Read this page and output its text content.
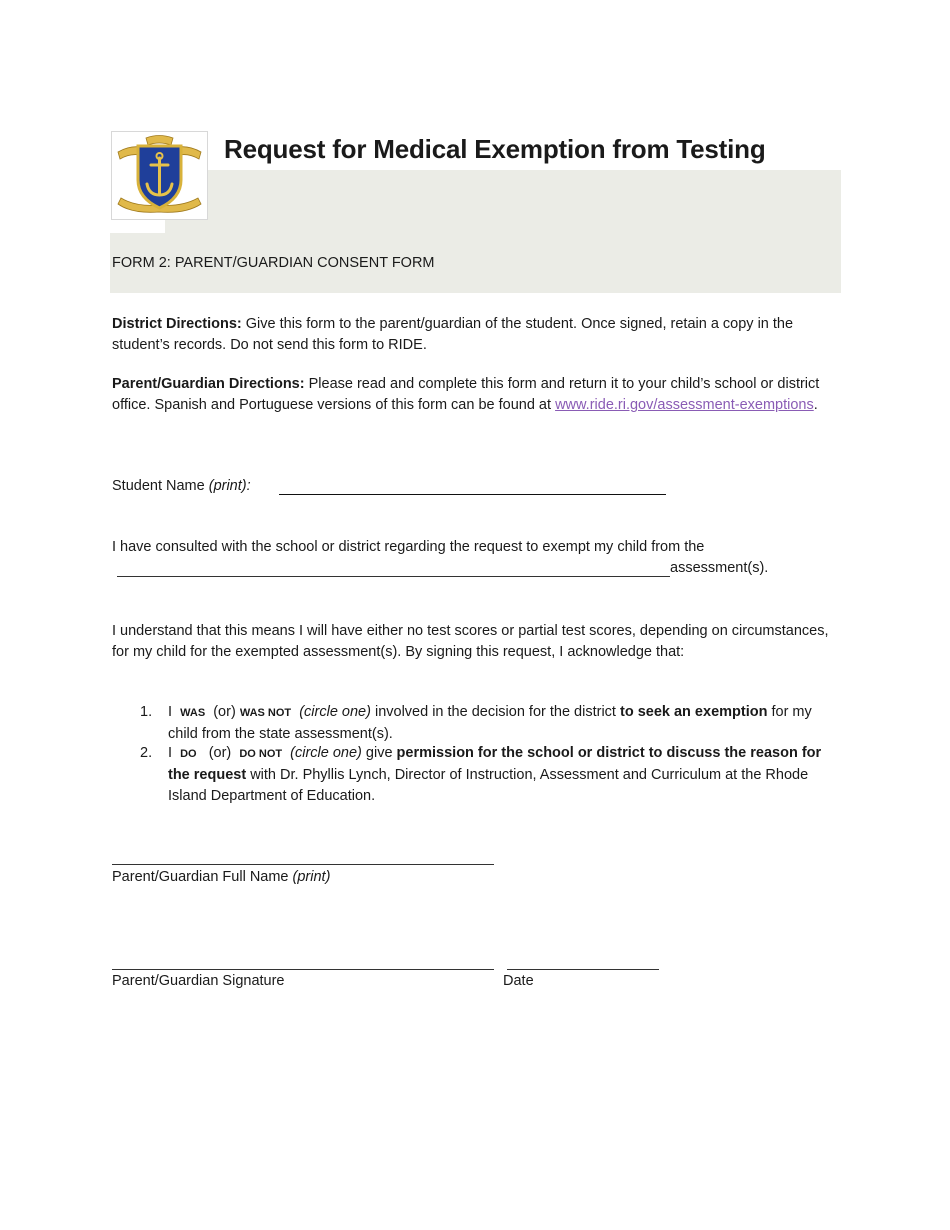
Request for Medical Exemption from Testing
FORM 2: PARENT/GUARDIAN CONSENT FORM
District Directions: Give this form to the parent/guardian of the student. Once signed, retain a copy in the student’s records. Do not send this form to RIDE.
Parent/Guardian Directions: Please read and complete this form and return it to your child’s school or district office. Spanish and Portuguese versions of this form can be found at www.ride.ri.gov/assessment-exemptions.
Student Name (print):
I have consulted with the school or district regarding the request to exempt my child from the
assessment(s).
I understand that this means I will have either no test scores or partial test scores, depending on circumstances, for my child for the exempted assessment(s). By signing this request, I acknowledge that:
1. I WAS (or) WAS NOT (circle one) involved in the decision for the district to seek an exemption for my child from the state assessment(s).
2. I DO (or) DO NOT (circle one) give permission for the school or district to discuss the reason for the request with Dr. Phyllis Lynch, Director of Instruction, Assessment and Curriculum at the Rhode Island Department of Education.
Parent/Guardian Full Name (print)
Parent/Guardian Signature	Date
